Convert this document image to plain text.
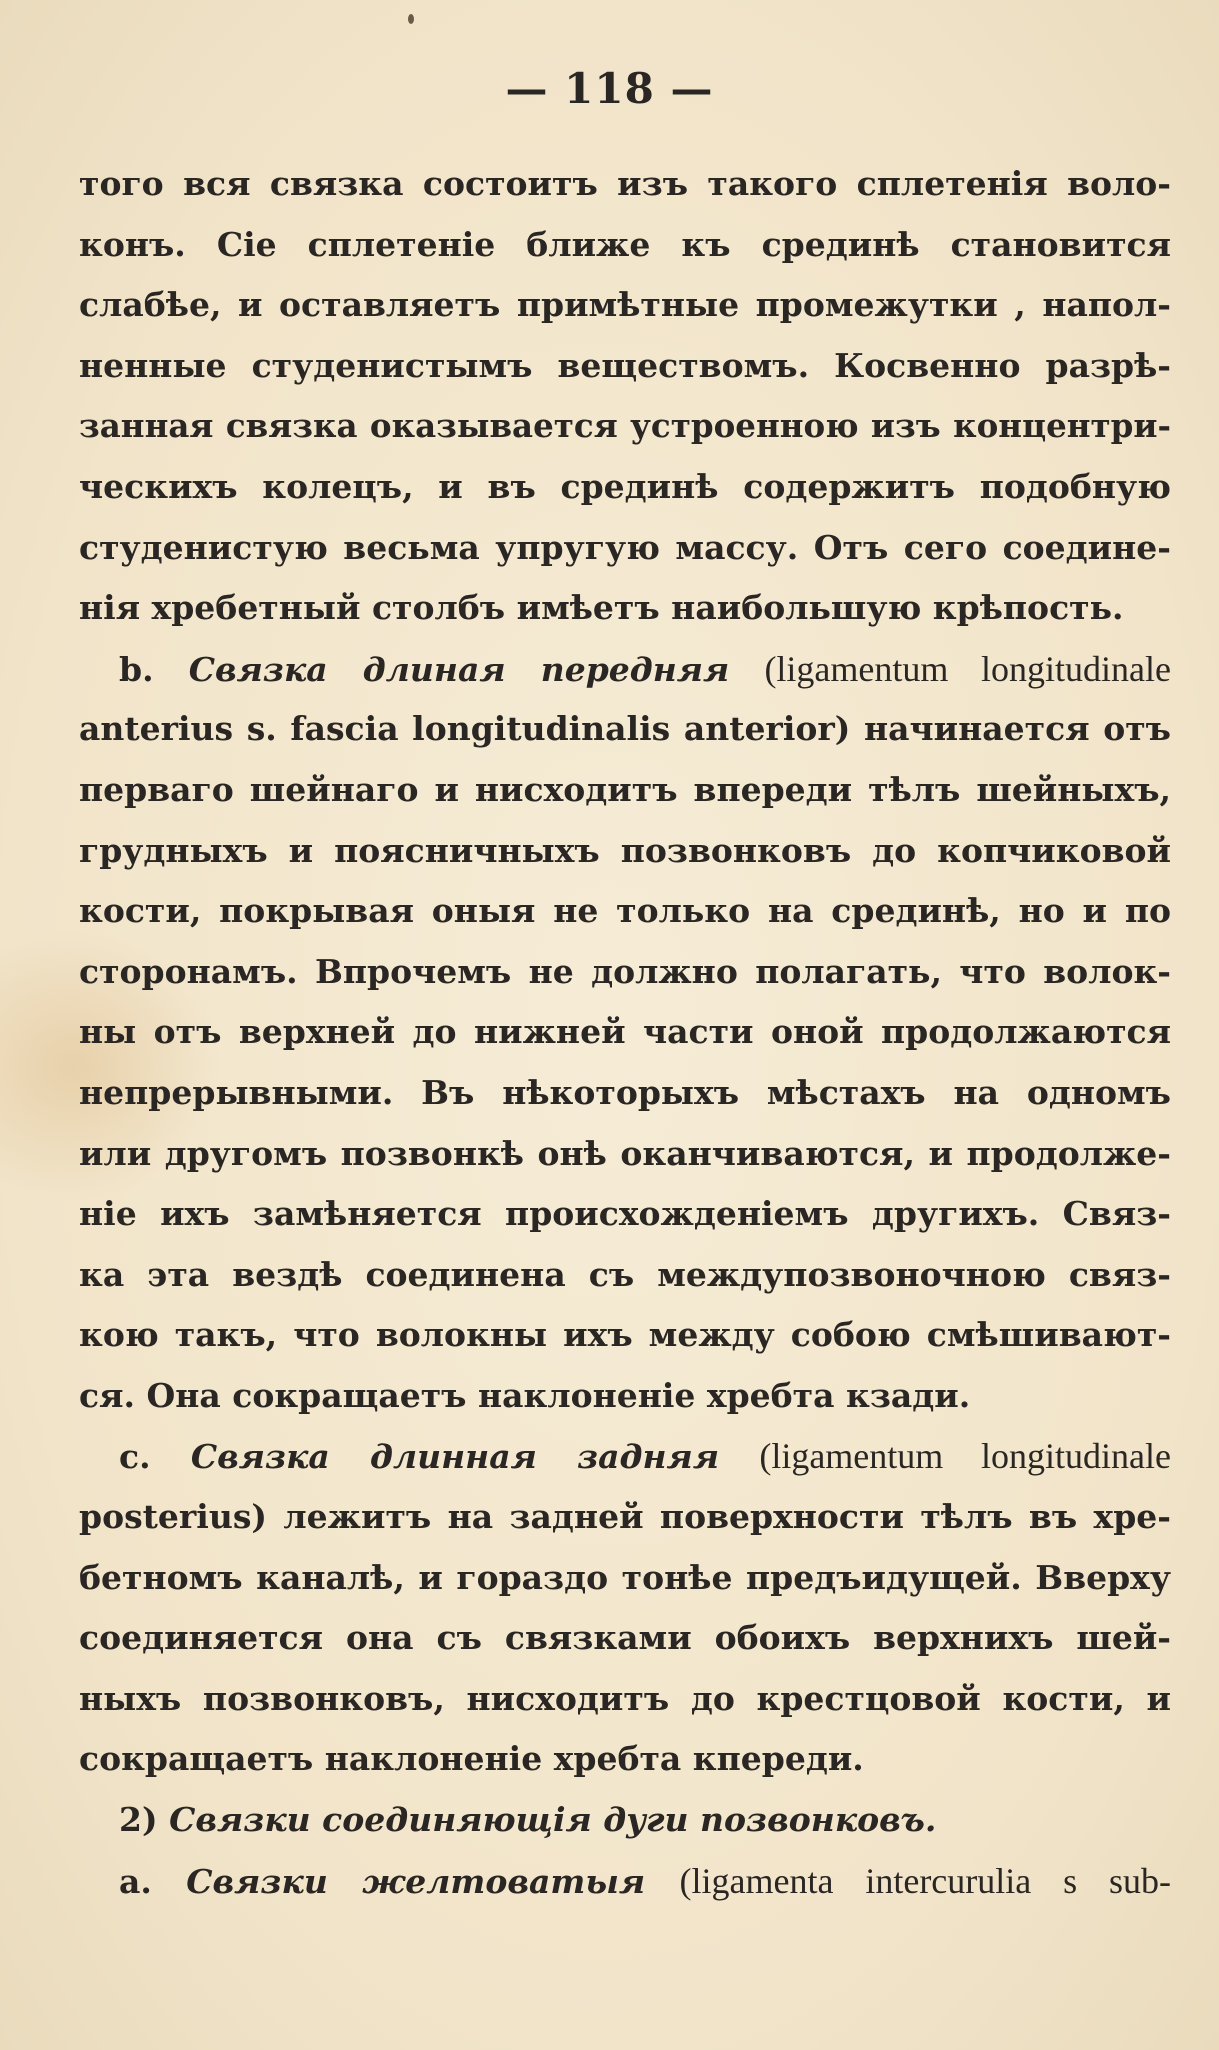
— 118 —
того вся связка состоитъ изъ такого сплетенія воло-
конъ. Сіе сплетеніе ближе къ срединѣ становится
слабѣе, и оставляетъ примѣтные промежутки , напол-
ненные студенистымъ веществомъ. Косвенно разрѣ-
занная связка оказывается устроенною изъ концентри-
ческихъ колецъ, и въ срединѣ содержитъ подобную
студенистую весьма упругую массу. Отъ сего соедине-
нія хребетный столбъ имѣетъ наибольшую крѣпость.
b. Связка длиная передняя (ligamentum longitudinale
anterius s. fascia longitudinalis anterior) начинается отъ
перваго шейнаго и нисходитъ впереди тѣлъ шейныхъ,
грудныхъ и поясничныхъ позвонковъ до копчиковой
кости, покрывая оныя не только на срединѣ, но и по
сторонамъ. Впрочемъ не должно полагать, что волок-
ны отъ верхней до нижней части оной продолжаются
непрерывными. Въ нѣкоторыхъ мѣстахъ на одномъ
или другомъ позвонкѣ онѣ оканчиваются, и продолже-
ніе ихъ замѣняется происхожденіемъ другихъ. Связ-
ка эта вездѣ соединена съ междупозвоночною связ-
кою такъ, что волокны ихъ между собою смѣшивают-
ся. Она сокращаетъ наклоненіе хребта кзади.
c. Связка длинная задняя (ligamentum longitudinale
posterius) лежитъ на задней поверхности тѣлъ въ хре-
бетномъ каналѣ, и гораздо тонѣе предъидущей. Вверху
соединяется она съ связками обоихъ верхнихъ шей-
ныхъ позвонковъ, нисходитъ до крестцовой кости, и
сокращаетъ наклоненіе хребта кпереди.
2) Связки соединяющія дуги позвонковъ.
a. Связки желтоватыя (ligamenta intercurulia s sub-
